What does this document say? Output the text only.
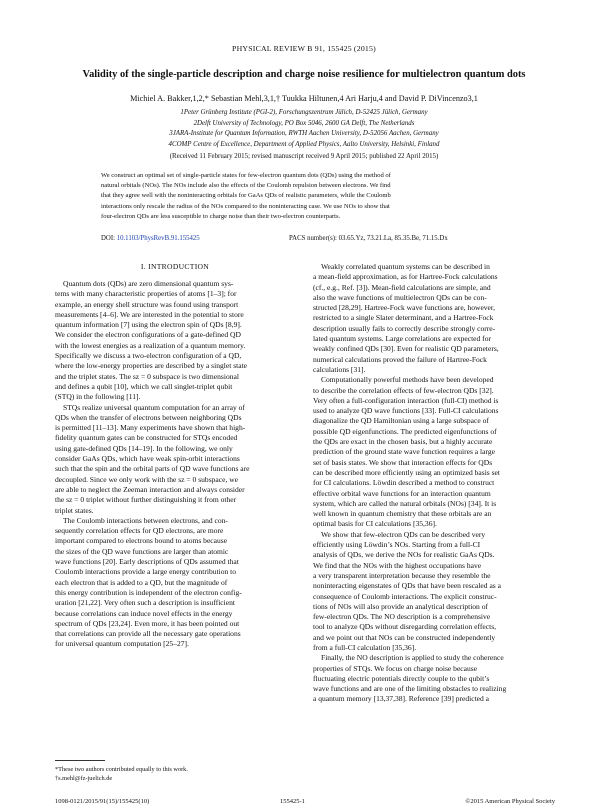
PHYSICAL REVIEW B 91, 155425 (2015)
Validity of the single-particle description and charge noise resilience for multielectron quantum dots
Michiel A. Bakker,1,2,* Sebastian Mehl,3,1,† Tuukka Hiltunen,4 Ari Harju,4 and David P. DiVincenzo3,1
1Peter Grünberg Institute (PGI-2), Forschungszentrum Jülich, D-52425 Jülich, Germany
2Delft University of Technology, PO Box 5046, 2600 GA Delft, The Netherlands
3JARA-Institute for Quantum Information, RWTH Aachen University, D-52056 Aachen, Germany
4COMP Centre of Excellence, Department of Applied Physics, Aalto University, Helsinki, Finland
(Received 11 February 2015; revised manuscript received 9 April 2015; published 22 April 2015)
We construct an optimal set of single-particle states for few-electron quantum dots (QDs) using the method of
natural orbitals (NOs). The NOs include also the effects of the Coulomb repulsion between electrons. We find
that they agree well with the noninteracting orbitals for GaAs QDs of realistic parameters, while the Coulomb
interactions only rescale the radius of the NOs compared to the noninteracting case. We use NOs to show that
four-electron QDs are less susceptible to charge noise than their two-electron counterparts.
DOI: 10.1103/PhysRevB.91.155425	PACS number(s): 03.65.Yz, 73.21.La, 85.35.Be, 71.15.Dx
I. INTRODUCTION
Quantum dots (QDs) are zero dimensional quantum sys-
tems with many characteristic properties of atoms [1–3]; for
example, an energy shell structure was found using transport
measurements [4–6]. We are interested in the potential to store
quantum information [7] using the electron spin of QDs [8,9].
We consider the electron configurations of a gate-defined QD
with the lowest energies as a realization of a quantum memory.
Specifically we discuss a two-electron configuration of a QD,
where the low-energy properties are described by a singlet state
and the triplet states. The sz = 0 subspace is two dimensional
and defines a qubit [10], which we call singlet-triplet qubit
(STQ) in the following [11].
STQs realize universal quantum computation for an array of
QDs when the transfer of electrons between neighboring QDs
is permitted [11–13]. Many experiments have shown that high-
fidelity quantum gates can be constructed for STQs encoded
using gate-defined QDs [14–19]. In the following, we only
consider GaAs QDs, which have weak spin-orbit interactions
such that the spin and the orbital parts of QD wave functions are
decoupled. Since we only work with the sz = 0 subspace, we
are able to neglect the Zeeman interaction and always consider
the sz = 0 triplet without further distinguishing it from other
triplet states.
The Coulomb interactions between electrons, and con-
sequently correlation effects for QD electrons, are more
important compared to electrons bound to atoms because
the sizes of the QD wave functions are larger than atomic
wave functions [20]. Early descriptions of QDs assumed that
Coulomb interactions provide a large energy contribution to
each electron that is added to a QD, but the magnitude of
this energy contribution is independent of the electron config-
uration [21,22]. Very often such a description is insufficient
because correlations can induce novel effects in the energy
spectrum of QDs [23,24]. Even more, it has been pointed out
that correlations can provide all the necessary gate operations
for universal quantum computation [25–27].
Weakly correlated quantum systems can be described in
a mean-field approximation, as for Hartree-Fock calculations
(cf., e.g., Ref. [3]). Mean-field calculations are simple, and
also the wave functions of multielectron QDs can be con-
structed [28,29]. Hartree-Fock wave functions are, however,
restricted to a single Slater determinant, and a Hartree-Fock
description usually fails to correctly describe strongly corre-
lated quantum systems. Large correlations are expected for
weakly confined QDs [30]. Even for realistic QD parameters,
numerical calculations proved the failure of Hartree-Fock
calculations [31].
Computationally powerful methods have been developed
to describe the correlation effects of few-electron QDs [32].
Very often a full-configuration interaction (full-CI) method is
used to analyze QD wave functions [33]. Full-CI calculations
diagonalize the QD Hamiltonian using a large subspace of
possible QD eigenfunctions. The predicted eigenfunctions of
the QDs are exact in the chosen basis, but a highly accurate
prediction of the ground state wave function requires a large
set of basis states. We show that interaction effects for QDs
can be described more efficiently using an optimized basis set
for CI calculations. Löwdin described a method to construct
effective orbital wave functions for an interaction quantum
system, which are called the natural orbitals (NOs) [34]. It is
well known in quantum chemistry that these orbitals are an
optimal basis for CI calculations [35,36].
We show that few-electron QDs can be described very
efficiently using Löwdin’s NOs. Starting from a full-CI
analysis of QDs, we derive the NOs for realistic GaAs QDs.
We find that the NOs with the highest occupations have
a very transparent interpretation because they resemble the
noninteracting eigenstates of QDs that have been rescaled as a
consequence of Coulomb interactions. The explicit construc-
tions of NOs will also provide an analytical description of
few-electron QDs. The NO description is a comprehensive
tool to analyze QDs without disregarding correlation effects,
and we point out that NOs can be constructed independently
from a full-CI calculation [35,36].
Finally, the NO description is applied to study the coherence
properties of STQs. We focus on charge noise because
fluctuating electric potentials directly couple to the qubit’s
wave functions and are one of the limiting obstacles to realizing
a quantum memory [13,37,38]. Reference [39] predicted a
*These two authors contributed equally to this work.
†s.mehl@fz-juelich.de
1098-0121/2015/91(15)/155425(10)	155425-1	©2015 American Physical Society
